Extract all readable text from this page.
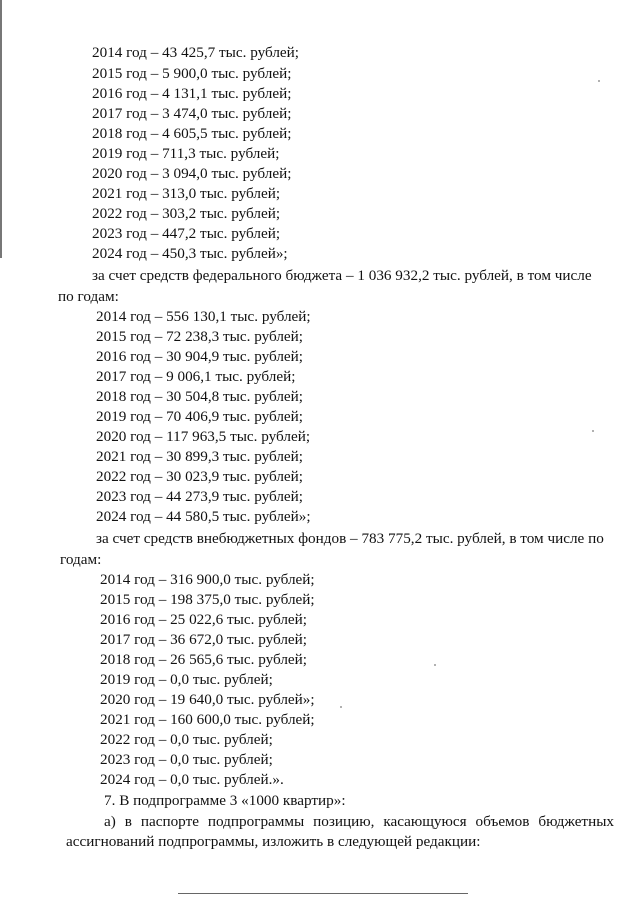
2014 год – 43 425,7 тыс. рублей;
2015 год – 5 900,0 тыс. рублей;
2016 год – 4 131,1 тыс. рублей;
2017 год – 3 474,0 тыс. рублей;
2018 год – 4 605,5 тыс. рублей;
2019 год – 711,3 тыс. рублей;
2020 год – 3 094,0 тыс. рублей;
2021 год – 313,0 тыс. рублей;
2022 год – 303,2 тыс. рублей;
2023 год – 447,2 тыс. рублей;
2024 год – 450,3 тыс. рублей»;
за счет средств федерального бюджета – 1 036 932,2 тыс. рублей, в том числе
по годам:
2014 год – 556 130,1 тыс. рублей;
2015 год – 72 238,3 тыс. рублей;
2016 год – 30 904,9 тыс. рублей;
2017 год – 9 006,1 тыс. рублей;
2018 год – 30 504,8 тыс. рублей;
2019 год – 70 406,9 тыс. рублей;
2020 год – 117 963,5 тыс. рублей;
2021 год – 30 899,3 тыс. рублей;
2022 год – 30 023,9 тыс. рублей;
2023 год – 44 273,9 тыс. рублей;
2024 год – 44 580,5 тыс. рублей»;
за счет средств внебюджетных фондов – 783 775,2 тыс. рублей, в том числе по
годам:
2014 год – 316 900,0 тыс. рублей;
2015 год – 198 375,0 тыс. рублей;
2016 год – 25 022,6 тыс. рублей;
2017 год – 36 672,0 тыс. рублей;
2018 год – 26 565,6 тыс. рублей;
2019 год – 0,0 тыс. рублей;
2020 год – 19 640,0 тыс. рублей»;
2021 год – 160 600,0 тыс. рублей;
2022 год – 0,0 тыс. рублей;
2023 год – 0,0 тыс. рублей;
2024 год – 0,0 тыс. рублей.».
7. В подпрограмме 3 «1000 квартир»:
а) в паспорте подпрограммы позицию, касающуюся объемов бюджетных
ассигнований подпрограммы, изложить в следующей редакции:
